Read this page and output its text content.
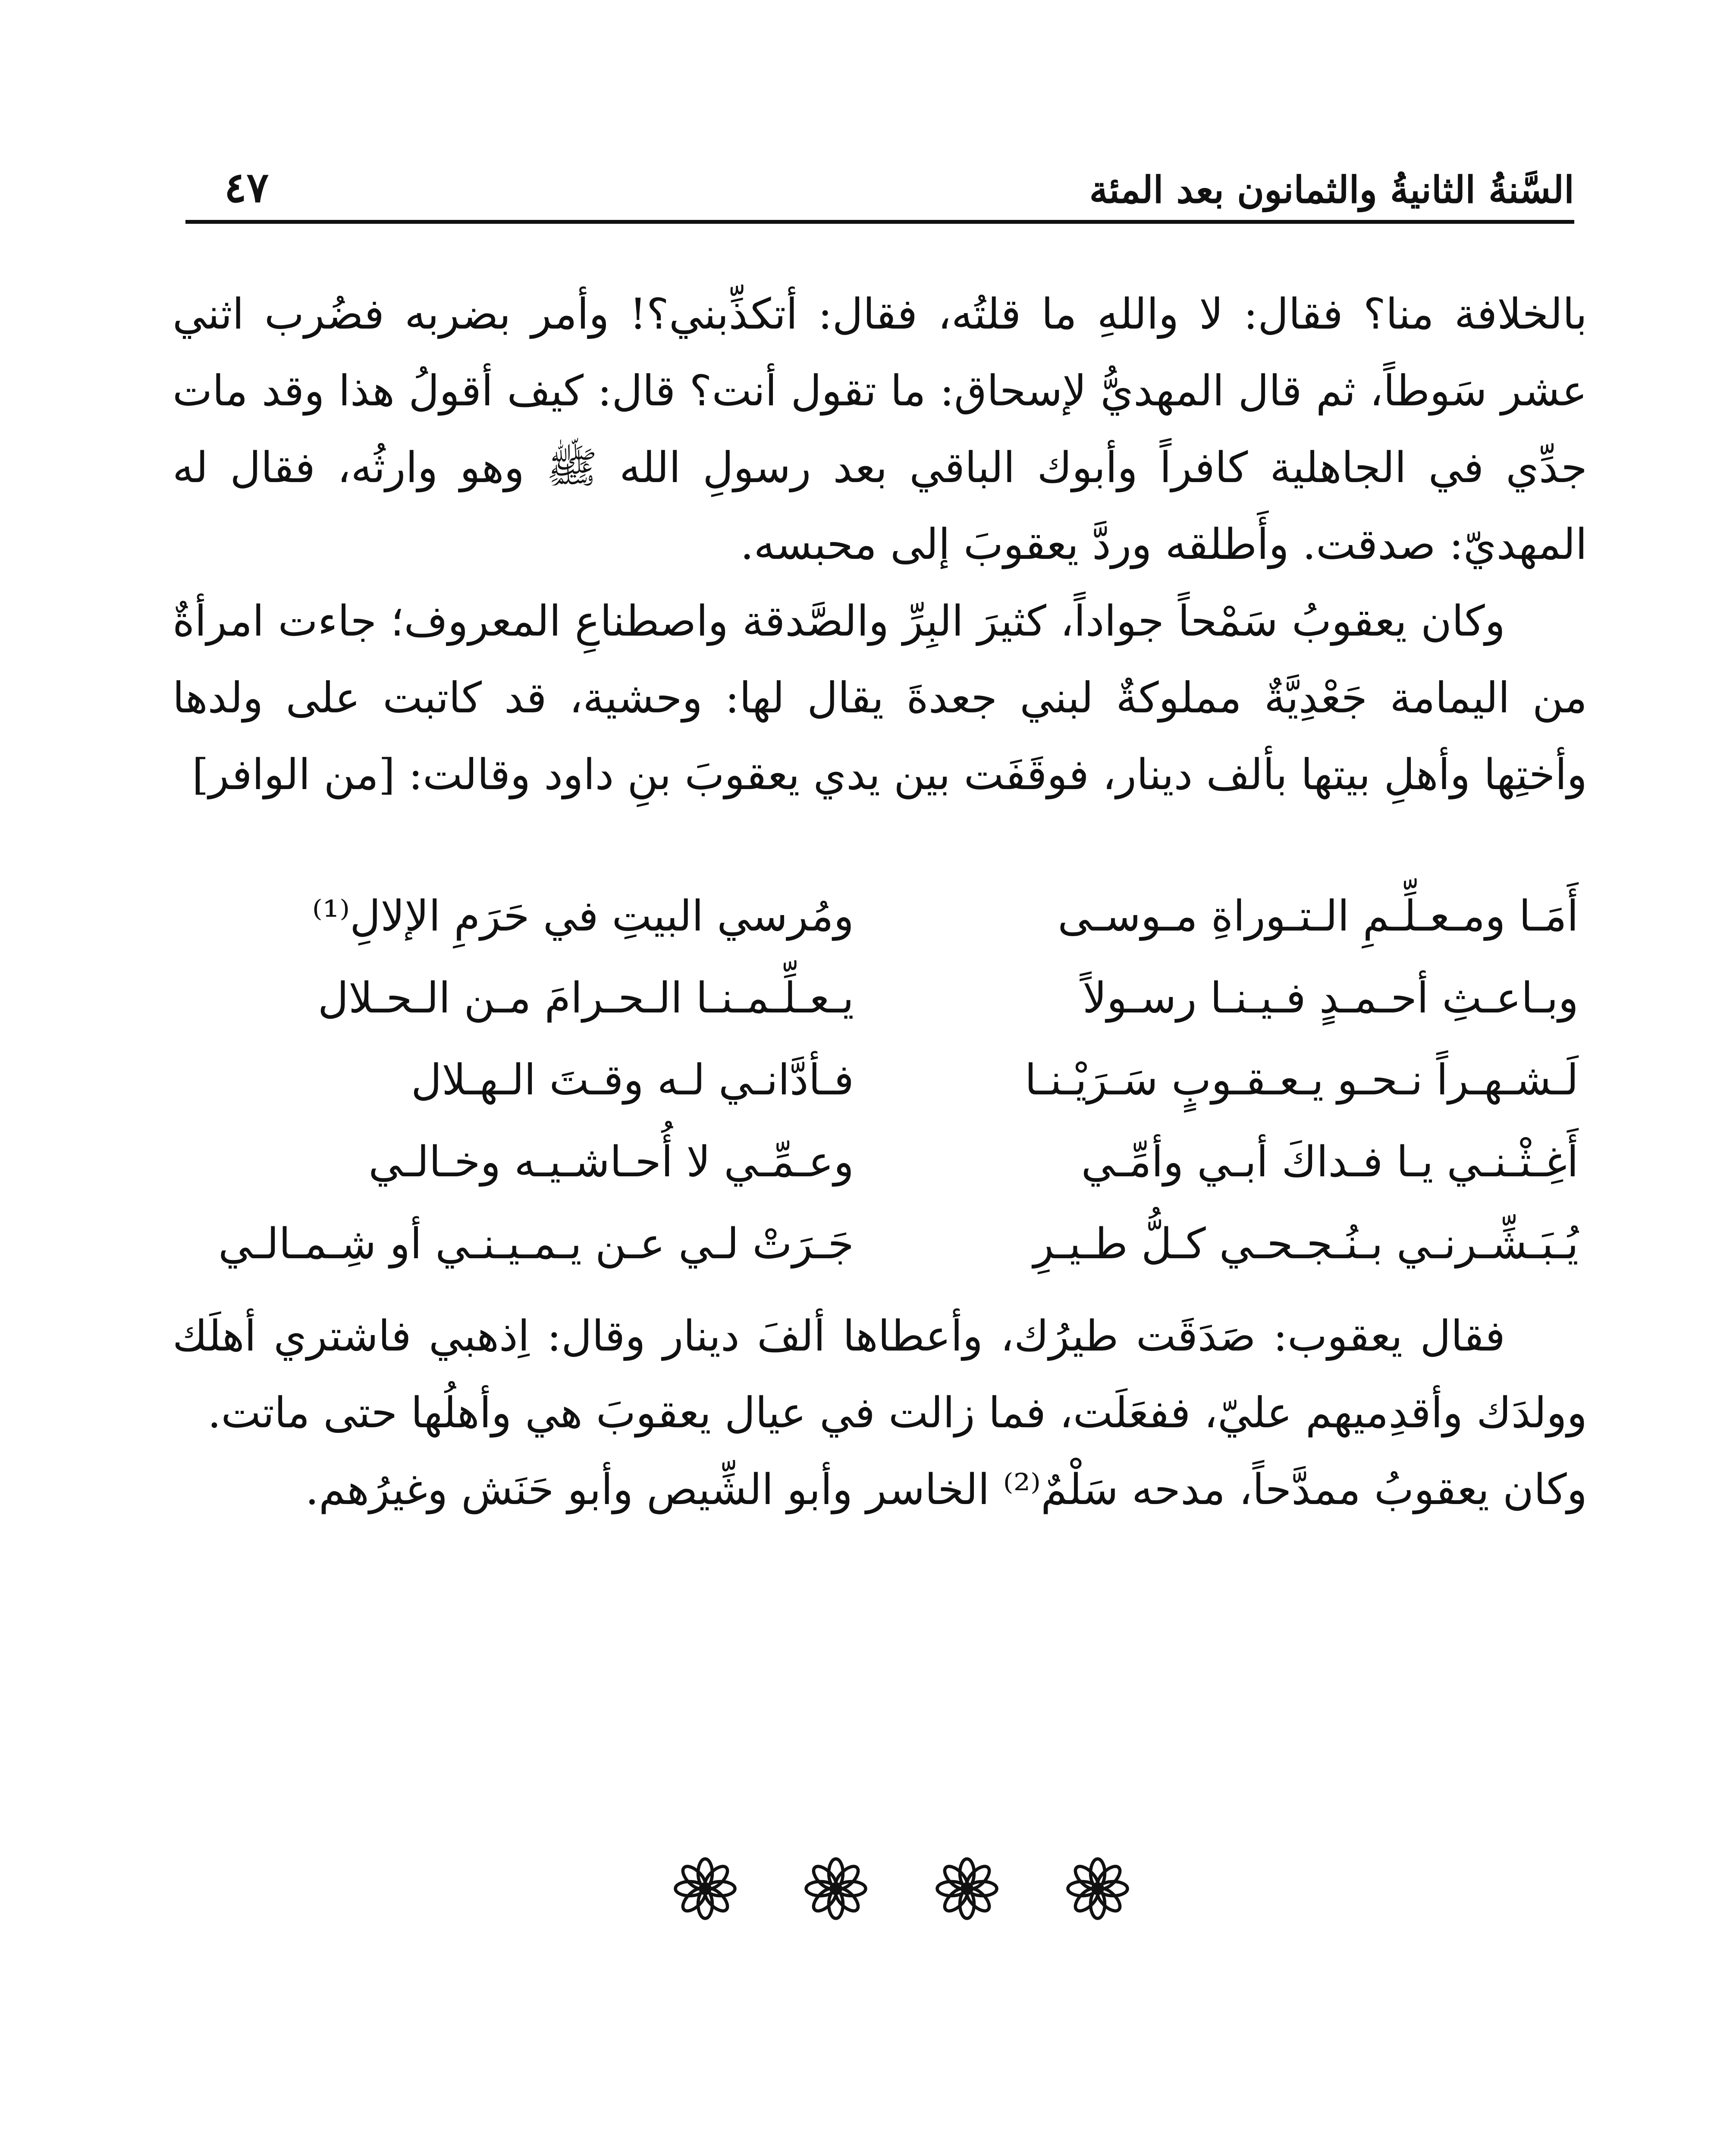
السَّنةُ الثانيةُ والثمانون بعد المئة
٤٧

بالخلافة منا؟ فقال: لا واللهِ ما قلتُه، فقال: أتكذِّبني؟! وأمر بضربه فضُرب اثني عشر سَوطاً، ثم قال المهديُّ لإسحاق: ما تقول أنت؟ قال: كيف أقولُ هذا وقد مات جدِّي في الجاهلية كافراً وأبوك الباقي بعد رسولِ الله ﷺ وهو وارثُه، فقال له المهديّ: صدقت. وأَطلقه وردَّ يعقوبَ إلى محبسه.

وكان يعقوبُ سَمْحاً جواداً، كثيرَ البِرِّ والصَّدقة واصطناعِ المعروف؛ جاءت امرأةٌ من اليمامة جَعْدِيَّةٌ مملوكةٌ لبني جعدةَ يقال لها: وحشية، قد كاتبت على ولدها وأختِها وأهلِ بيتها بألف دينار، فوقَفَت بين يدي يعقوبَ بنِ داود وقالت: [من الوافر]

أَمَـا ومـعـلِّـمِ الـتـوراةِ مـوسـى
ومُرسي البيتِ في حَرَمِ الإلالِ⁽¹⁾
وبـاعـثِ أحـمـدٍ فـيـنـا رسـولاً
يـعـلِّـمـنـا الـحـرامَ مـن الـحـلال
لَـشـهـراً نـحـو يـعـقـوبٍ سَـرَيْـنـا
فـأدَّانـي لـه وقـتَ الـهـلال
أَغِـثْـنـي يـا فـداكَ أبـي وأمِّـي
وعـمِّـي لا أُحـاشـيـه وخـالـي
يُـبَـشِّـرنـي بـنُـجـحـي كـلُّ طـيـرِ
جَـرَتْ لـي عـن يـمـيـنـي أو شِـمـالـي

فقال يعقوب: صَدَقَت طيرُك، وأعطاها ألفَ دينار وقال: اِذهبي فاشتري أهلَك وولدَك وأقدِميهم عليّ، ففعَلَت، فما زالت في عيال يعقوبَ هي وأهلُها حتى ماتت.

وكان يعقوبُ ممدَّحاً، مدحه سَلْمٌ⁽²⁾ الخاسر وأبو الشِّيص وأبو حَنَش وغيرُهم.
